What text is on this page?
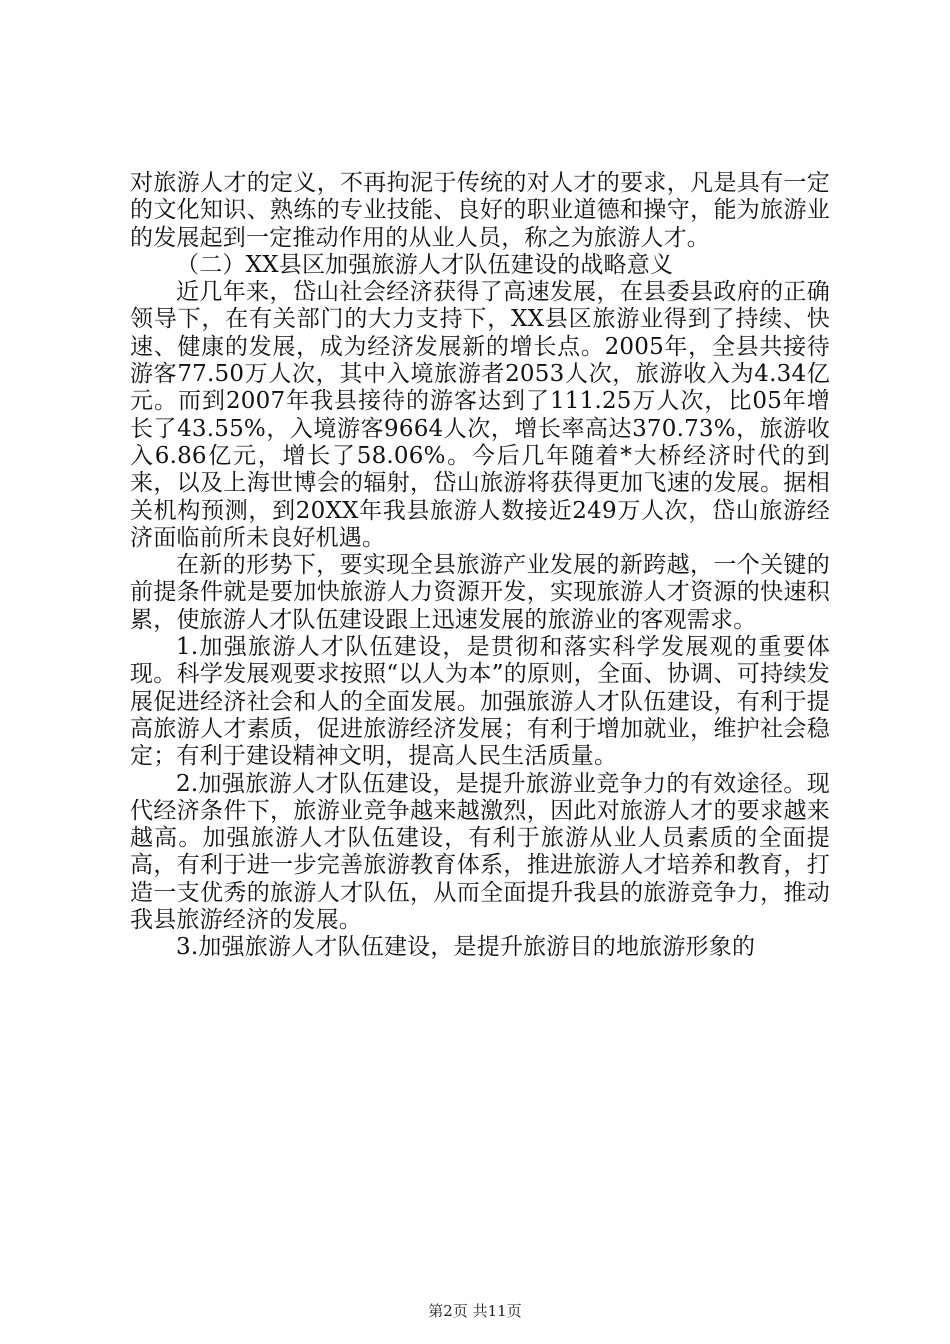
对旅游人才的定义，不再拘泥于传统的对人才的要求，凡是具有一定的文化知识、熟练的专业技能、良好的职业道德和操守，能为旅游业的发展起到一定推动作用的从业人员，称之为旅游人才。

（二）XX县区加强旅游人才队伍建设的战略意义

近几年来，岱山社会经济获得了高速发展，在县委县政府的正确领导下，在有关部门的大力支持下，XX县区旅游业得到了持续、快速、健康的发展，成为经济发展新的增长点。2005年，全县共接待游客77.50万人次，其中入境旅游者2053人次，旅游收入为4.34亿元。而到2007年我县接待的游客达到了111.25万人次，比05年增长了43.55%，入境游客9664人次，增长率高达370.73%，旅游收入6.86亿元，增长了58.06%。今后几年随着*大桥经济时代的到来，以及上海世博会的辐射，岱山旅游将获得更加飞速的发展。据相关机构预测，到20XX年我县旅游人数接近249万人次，岱山旅游经济面临前所未良好机遇。

在新的形势下，要实现全县旅游产业发展的新跨越，一个关键的前提条件就是要加快旅游人力资源开发，实现旅游人才资源的快速积累，使旅游人才队伍建设跟上迅速发展的旅游业的客观需求。

1.加强旅游人才队伍建设，是贯彻和落实科学发展观的重要体现。科学发展观要求按照“以人为本”的原则，全面、协调、可持续发展促进经济社会和人的全面发展。加强旅游人才队伍建设，有利于提高旅游人才素质，促进旅游经济发展；有利于增加就业，维护社会稳定；有利于建设精神文明，提高人民生活质量。

2.加强旅游人才队伍建设，是提升旅游业竞争力的有效途径。现代经济条件下，旅游业竞争越来越激烈，因此对旅游人才的要求越来越高。加强旅游人才队伍建设，有利于旅游从业人员素质的全面提高，有利于进一步完善旅游教育体系，推进旅游人才培养和教育，打造一支优秀的旅游人才队伍，从而全面提升我县的旅游竞争力，推动我县旅游经济的发展。

3.加强旅游人才队伍建设，是提升旅游目的地旅游形象的

第2页 共11页
